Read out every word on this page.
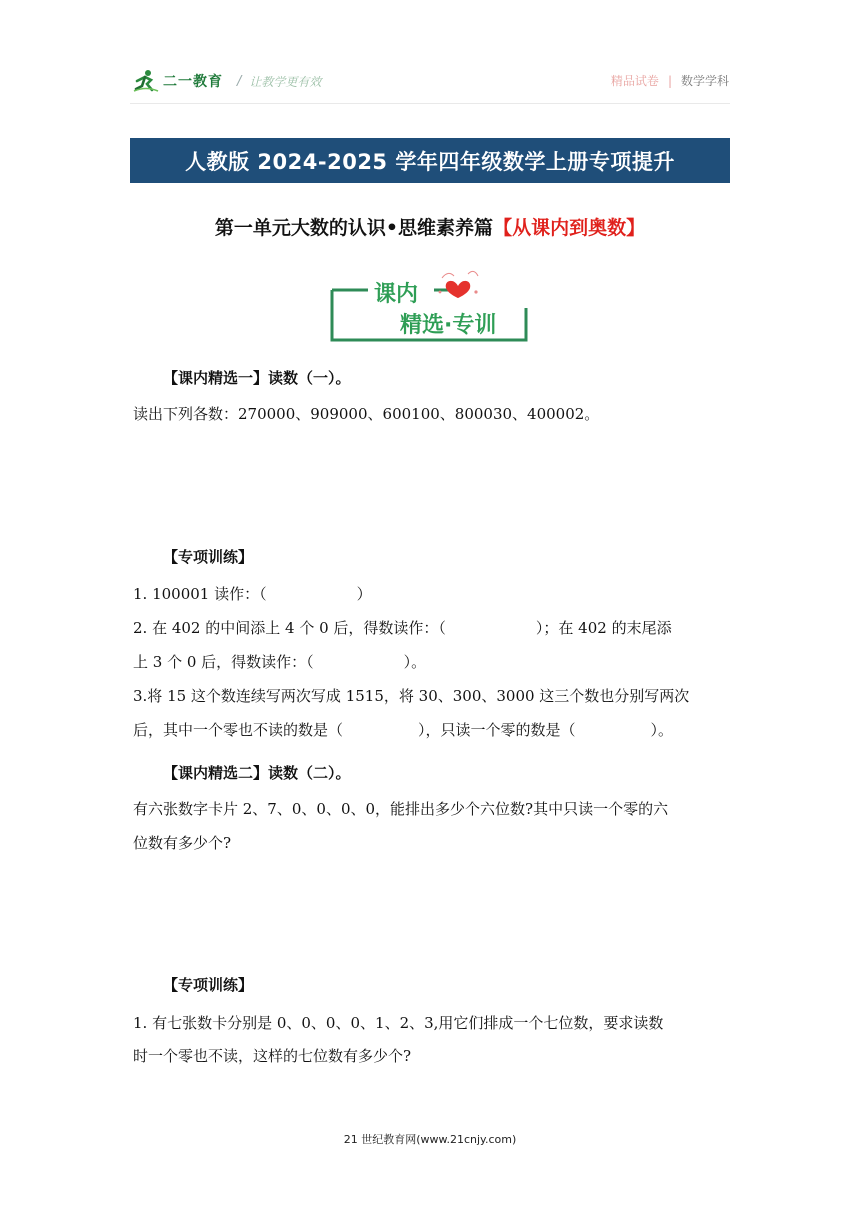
二一教育 / 让教学更有效	精品试卷 | 数学学科
人教版 2024-2025 学年四年级数学上册专项提升
第一单元大数的认识•思维素养篇【从课内到奥数】
课内
精选·专训
【课内精选一】读数（一）。
读出下列各数：270000、909000、600100、800030、400002。
【专项训练】
1. 100001 读作：（　　　　　　）
2. 在 402 的中间添上 4 个 0 后，得数读作：（　　　　　　）；在 402 的末尾添
上 3 个 0 后，得数读作：（　　　　　　）。
3.将 15 这个数连续写两次写成 1515，将 30、300、3000 这三个数也分别写两次
后，其中一个零也不读的数是（　　　　　），只读一个零的数是（　　　　　）。
【课内精选二】读数（二）。
有六张数字卡片 2、7、0、0、0、0，能排出多少个六位数?其中只读一个零的六
位数有多少个?
【专项训练】
1. 有七张数卡分别是 0、0、0、0、1、2、3,用它们排成一个七位数，要求读数
时一个零也不读，这样的七位数有多少个?
21 世纪教育网(www.21cnjy.com)
